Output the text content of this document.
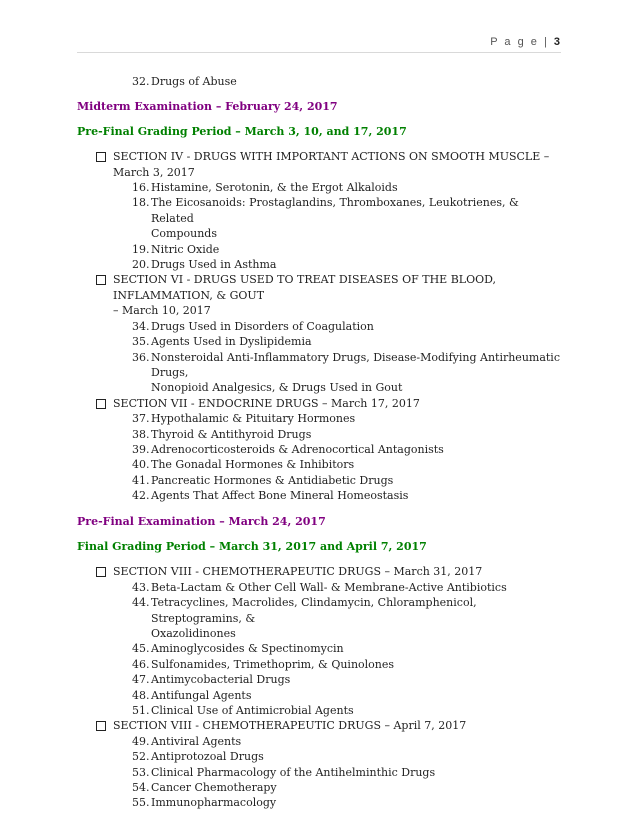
P a g e | 3
32. Drugs of Abuse

Midterm Examination – February 24, 2017

Pre-Final Grading Period – March 3, 10, and 17, 2017

SECTION IV - DRUGS WITH IMPORTANT ACTIONS ON SMOOTH MUSCLE – March 3, 2017
16. Histamine, Serotonin, & the Ergot Alkaloids
18. The Eicosanoids: Prostaglandins, Thromboxanes, Leukotrienes, & Related
Compounds
19. Nitric Oxide
20. Drugs Used in Asthma
SECTION VI - DRUGS USED TO TREAT DISEASES OF THE BLOOD, INFLAMMATION, & GOUT
– March 10, 2017
34. Drugs Used in Disorders of Coagulation
35. Agents Used in Dyslipidemia
36. Nonsteroidal Anti-Inflammatory Drugs, Disease-Modifying Antirheumatic Drugs,
Nonopioid Analgesics, & Drugs Used in Gout
SECTION VII - ENDOCRINE DRUGS – March 17, 2017
37. Hypothalamic & Pituitary Hormones
38. Thyroid & Antithyroid Drugs
39. Adrenocorticosteroids & Adrenocortical Antagonists
40. The Gonadal Hormones & Inhibitors
41. Pancreatic Hormones & Antidiabetic Drugs
42. Agents That Affect Bone Mineral Homeostasis

Pre-Final Examination – March 24, 2017

Final Grading Period – March 31, 2017 and April 7, 2017

SECTION VIII - CHEMOTHERAPEUTIC DRUGS – March 31, 2017
43. Beta-Lactam & Other Cell Wall- & Membrane-Active Antibiotics
44. Tetracyclines, Macrolides, Clindamycin, Chloramphenicol, Streptogramins, &
Oxazolidinones
45. Aminoglycosides & Spectinomycin
46. Sulfonamides, Trimethoprim, & Quinolones
47. Antimycobacterial Drugs
48. Antifungal Agents
51. Clinical Use of Antimicrobial Agents
SECTION VIII - CHEMOTHERAPEUTIC DRUGS – April 7, 2017
49. Antiviral Agents
52. Antiprotozoal Drugs
53. Clinical Pharmacology of the Antihelminthic Drugs
54. Cancer Chemotherapy
55. Immunopharmacology
